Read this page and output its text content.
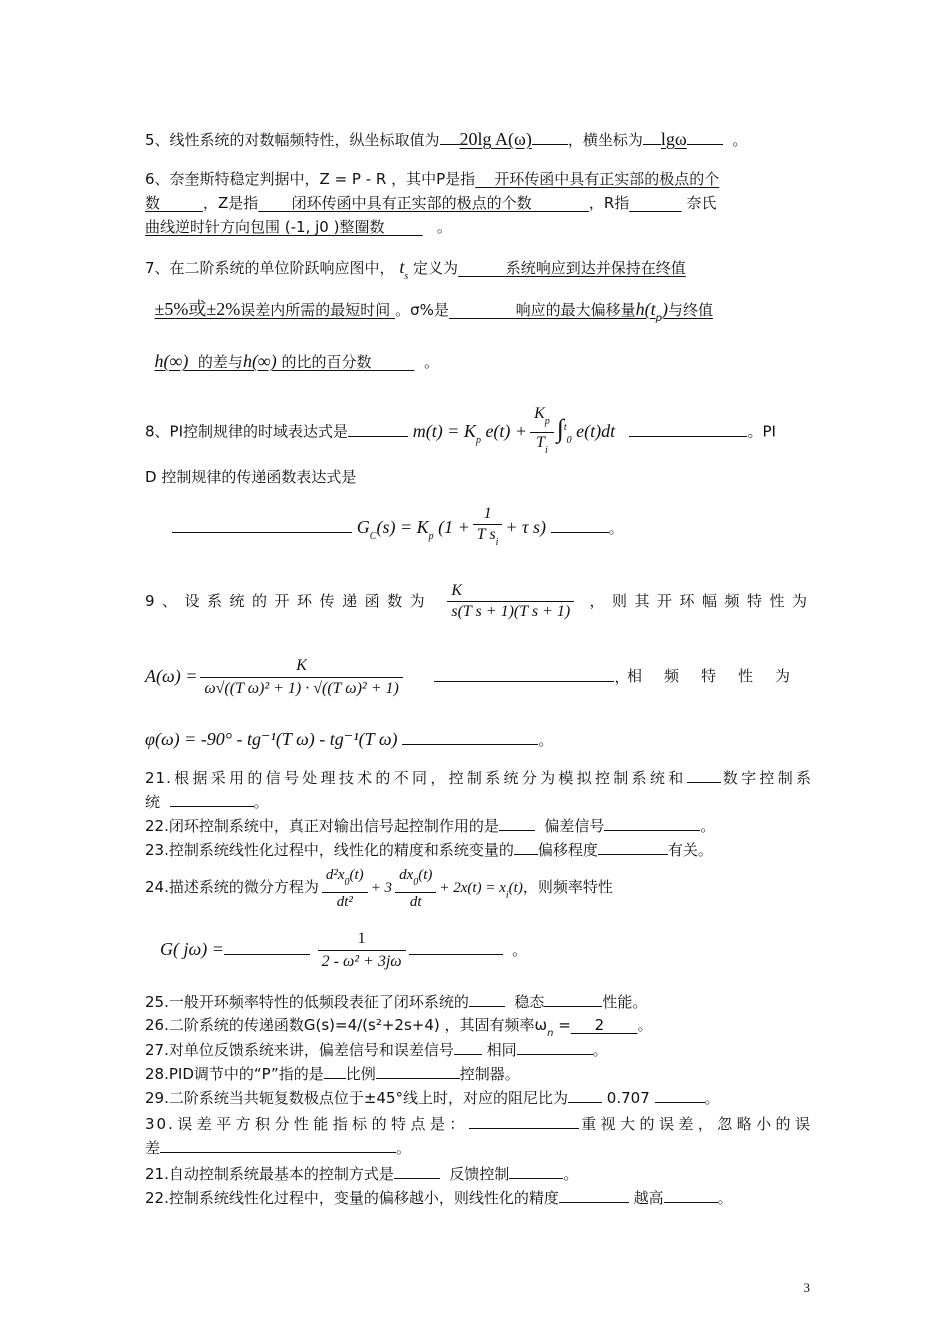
5、线性系统的对数幅频特性，纵坐标取值为 20lg A(ω) ，横坐标为 lgω	。
6、奈奎斯特稳定判据中，Z = P - R ，其中P是指 开环传函中具有正实部的极点的个
数	，Z是指 闭环传函中具有正实部的极点的个数	，R指	奈氏
曲线逆时针方向包围 (-1, j0 )整圈数	。
7、在二阶系统的单位阶跃响应图中， $t_s$ 定义为	系统响应到达并保持在终值
±5%或±2%误差内所需的最短时间 。σ%是	响应的最大偏移量$h(t_p)$与终值
h(∞) 的差与h(∞) 的比的百分数	。
8、PI控制规律的时域表达式是	$m(t) = K_p$ $e(t) + \frac{K_p}{T_i} \int^t_0$ e(t)dt	。PI
D 控制规律的传递函数表达式是
$G_C(s) = K_p$ ($1 + \frac{1}{T s_i} + \tau$ s)	。
9、设系统的开环传递函数为 $\frac{K}{\text{s(T s + 1)(T s + 1)}}$ ，则其开环幅频特性为
$A(\omega) = \frac{K}{\text{ω√((T ω)² + 1) · √((T ω)² + 1)}}$	，
相频特性为
φ(ω) = -90° - tg⁻¹(T ω) - tg⁻¹(T ω)	。
21.根据采用的信号处理技术的不同，控制系统分为模拟控制系统和 数字控制系
统	。
22.闭环控制系统中，真正对输出信号起控制作用的是	偏差信号	。
23.控制系统线性化过程中，线性化的精度和系统变量的 偏移程度	有关。
24.描述系统的微分方程为 $\frac{d^2x_0(t)}{\text{dt²}} + 3 \frac{dx_0(t)}{dt} + 2x(t) = x_i(t)$，则频率特性
G( jω) =	$\frac{1}{\text{2 - ω² + 3jω}}$	。
25.一般开环频率特性的低频段表征了闭环系统的	稳态	性能。
26.二阶系统的传递函数G(s)=4/(s²+2s+4) ，其固有频率$\omega_n = 2$ 。
27.对单位反馈系统来讲，偏差信号和误差信号 相同	。
28.PID调节中的“P”指的是 比例	控制器。
29.二阶系统当共轭复数极点位于±45°线上时，对应的阻尼比为	0.707	。
30.误差平方积分性能指标的特点是：	重视大的误差，忽略小的误
差	。
21.自动控制系统最基本的控制方式是	反馈控制	。
22.控制系统线性化过程中，变量的偏移越小，则线性化的精度	越高	。
3
